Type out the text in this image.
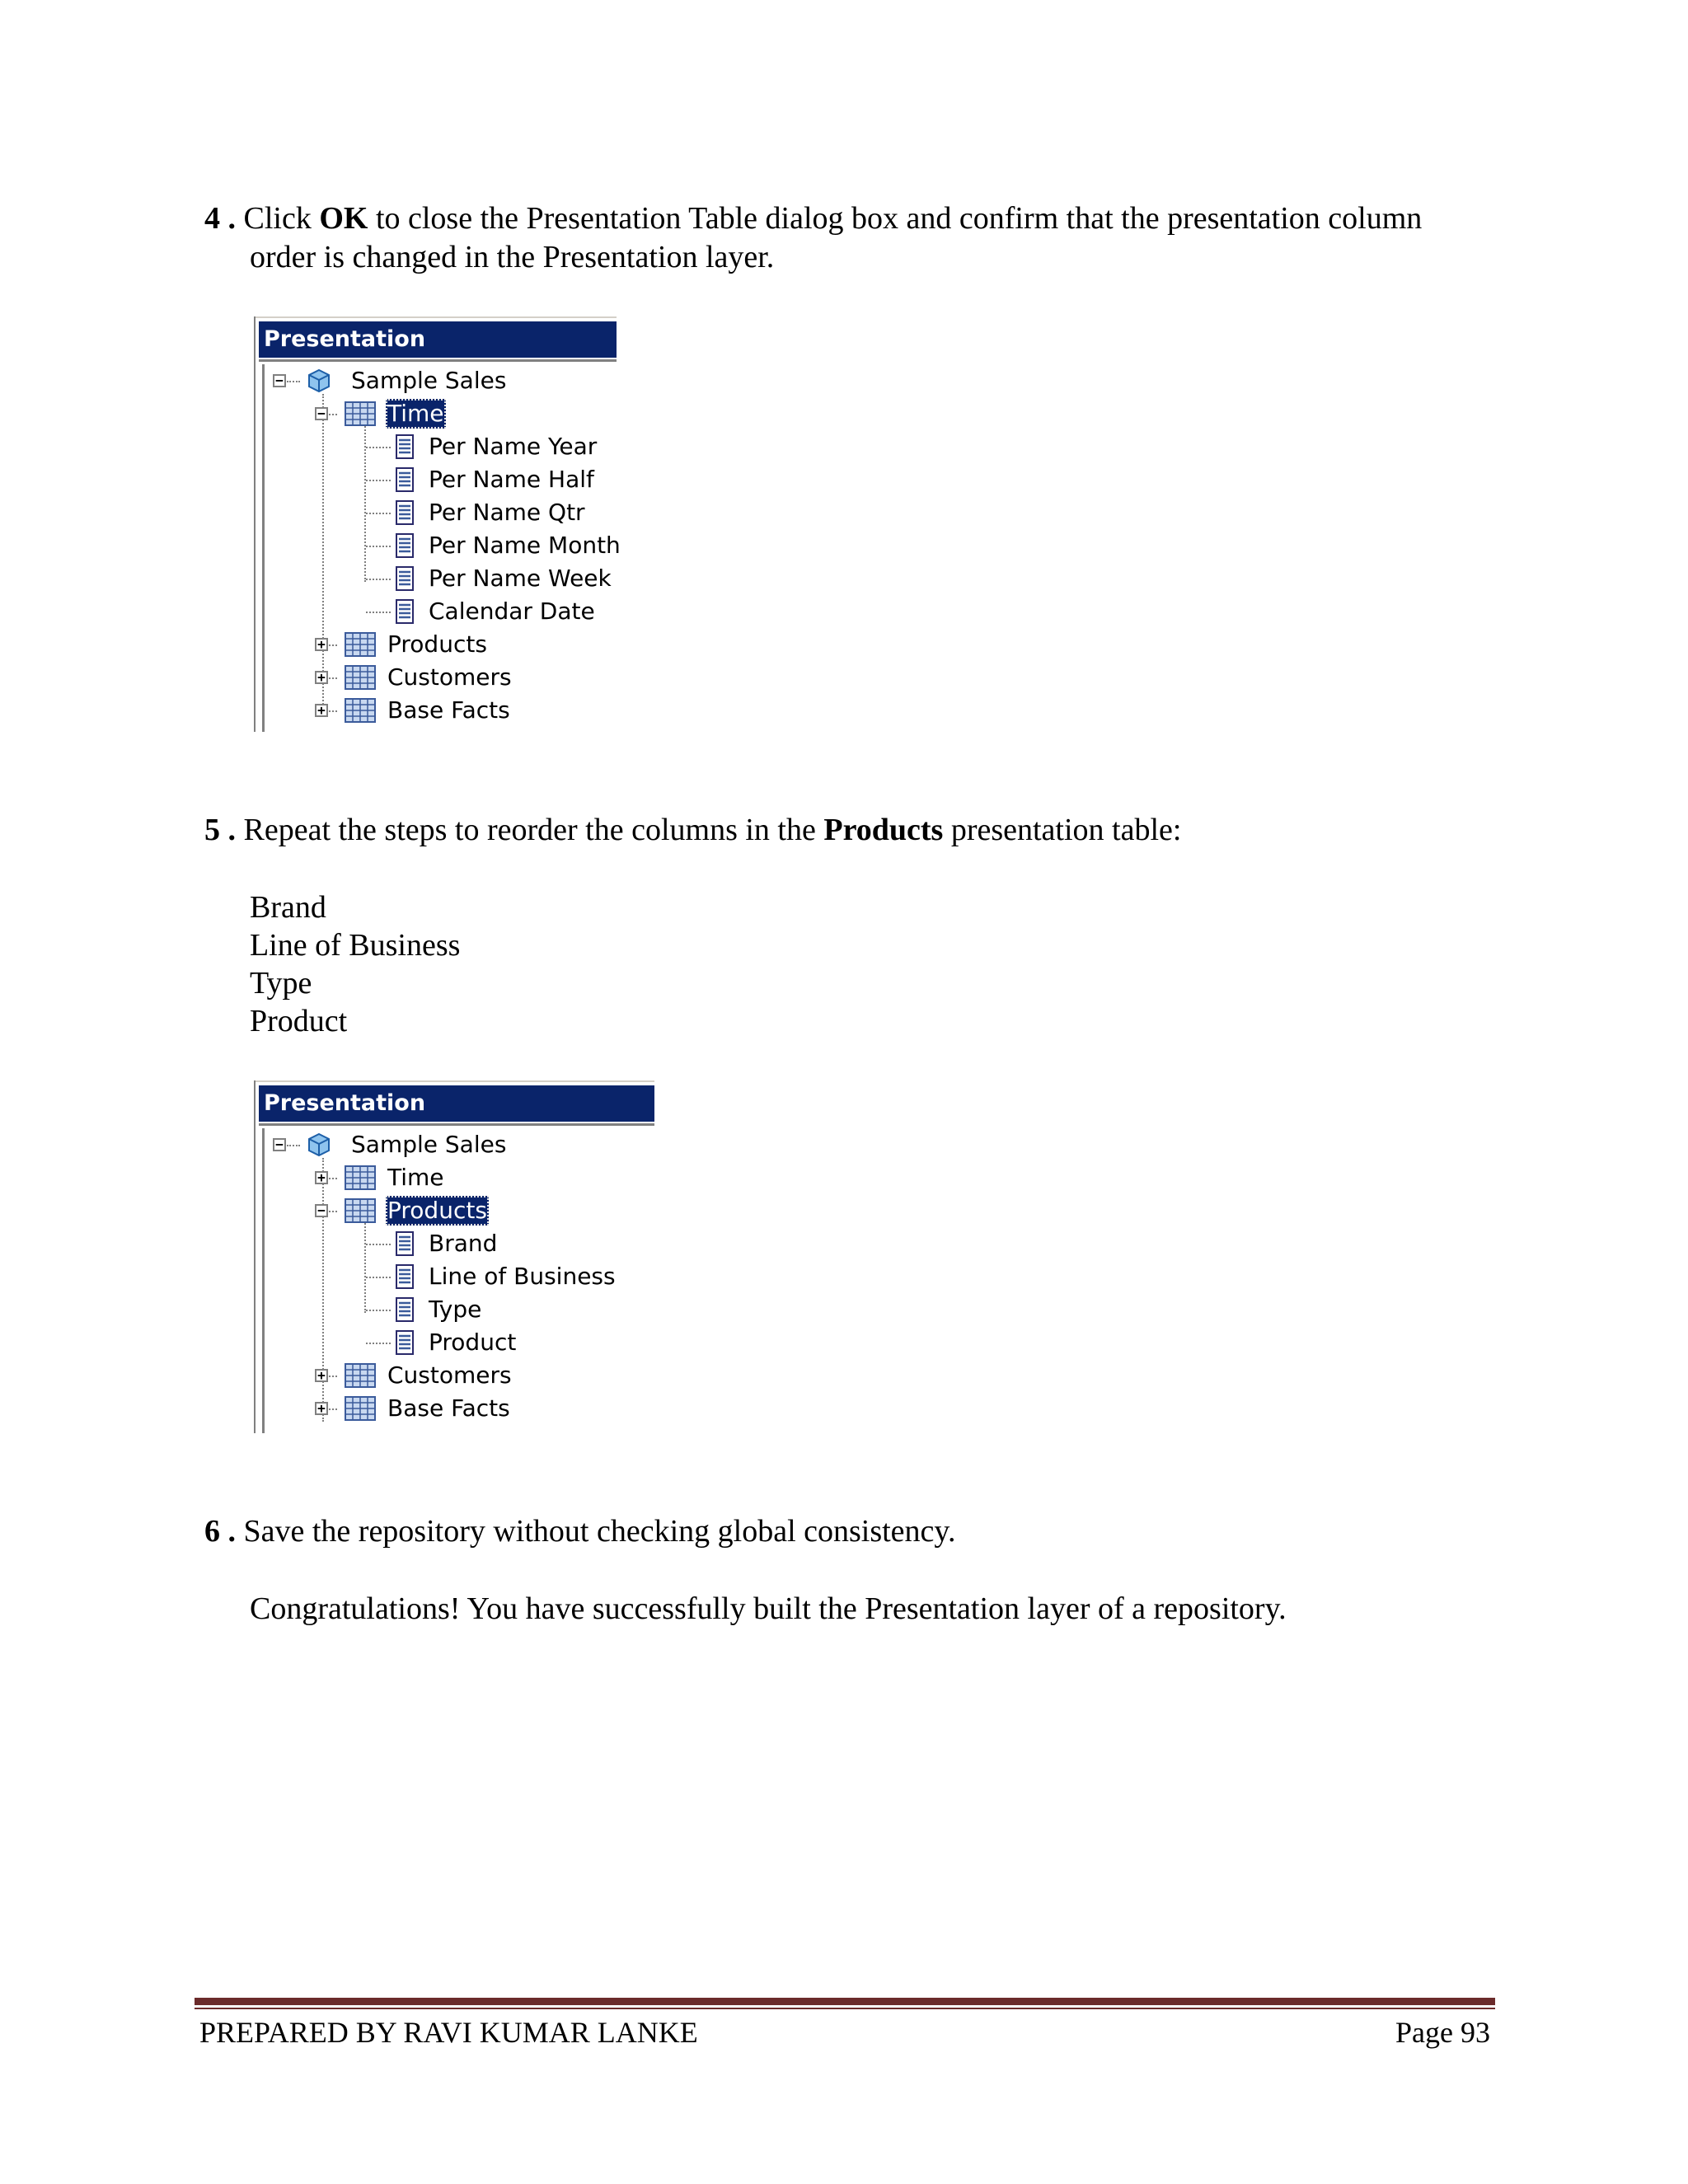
4 . Click OK to close the Presentation Table dialog box and confirm that the presentation column
order is changed in the Presentation layer.
Presentation
−	Sample Sales
−	Time
Per Name Year
Per Name Half
Per Name Qtr
Per Name Month
Per Name Week
Calendar Date
+	Products
+	Customers
+	Base Facts
5 . Repeat the steps to reorder the columns in the Products presentation table:
Brand
Line of Business
Type
Product
Presentation
−	Sample Sales
+	Time
−	Products
Brand
Line of Business
Type
Product
+	Customers
+	Base Facts
6 . Save the repository without checking global consistency.
Congratulations! You have successfully built the Presentation layer of a repository.
PREPARED BY RAVI KUMAR LANKE	Page 93
